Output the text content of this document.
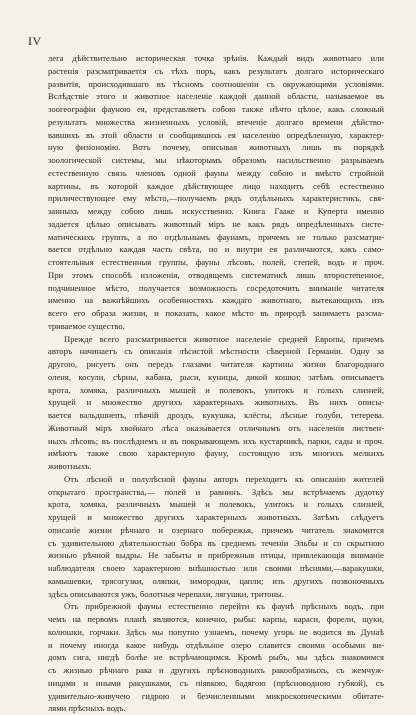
IV
лега дѣйствительно историческая точка зрѣнія. Каждый видъ животнаго или
растенія разсматривается съ тѣхъ поръ, какъ результатъ долгаго историческаго
развитія, происходившаго въ тѣсномъ соотношеніи съ окружающими условіями.
Вслѣдствіе этого и животное населеніе каждой данной области, называемое въ
зоогеографіи фауною ея, представляетъ собою также нѣчто цѣлое, какъ сложный
результатъ множества жизненныхъ условій, втеченіе долгаго времени дѣйство-
вавшихъ въ этой области и сообщившихъ ея населенію опредѣленную, характер-
ную физіономію. Вотъ почему, описывая животныхъ лишь въ порядкѣ
зоологической системы, мы нѣкоторымъ образомъ насильственно разрываемъ
естественную связь членовъ одной фауны между собою и вмѣсто стройной
картины, въ которой каждое дѣйствующее лицо находитъ себѣ естественно
приличествующее ему мѣсто,—получаемъ рядъ отдѣльныхъ характеристикъ, свя-
занныхъ между собою лишь искусственно. Книга Гааке и Куперта именно
задается цѣлью описывать животный міръ не какъ рядъ опредѣленныхъ систе-
матическихъ группъ, а по отдѣльнымъ фаунамъ, причемъ не только разсматри-
вается отдѣльно каждая часть свѣта, но и внутри ея различаются, какъ само-
стоятельныя естественныя группы, фауны лѣсовъ, полей, степей, водъ и проч.
При этомъ способѣ изложенія, отводящемъ систематикѣ лишь второстепенное,
подчиненное мѣсто, получается возможность сосредоточить вниманіе читателя
именно на важнѣйшихъ особенностяхъ каждаго животнаго, вытекающихъ изъ
всего его образа жизни, и показать, какое мѣсто въ природѣ занимаетъ разсма-
триваемое существо.
Прежде всего разсматривается животное населеніе средней Европы, причемъ
авторъ начинаетъ съ описанія лѣсистой мѣстности сѣверной Германіи. Одну за
другою, рисуетъ онъ передъ глазами читателя картины жизни благороднаго
оленя, косули, сѣрны, кабана, рыси, куницы, дикой кошки; затѣмъ описываетъ
крота, хомяка, различныхъ мышей и полевокъ, улитокъ и голыхъ слизней,
хрущей и множество другихъ характерныхъ животныхъ. Въ нихъ описы-
вается вальдшнепъ, пѣвчій дроздъ, кукушка, клёсты, лѣсные голуби, тетерева.
Животный міръ хвойнаго лѣса оказывается отличнымъ отъ населенія листвен-
ныхъ лѣсовъ; въ послѣднемъ и въ покрывающемъ ихъ кустарникѣ, парки, сады и проч.
имѣютъ также свою характерную фауну, состоящую изъ многихъ мелкихъ
животныхъ.
Отъ лѣсной и полулѣсной фауны авторъ переходитъ къ описанію жителей
открытаго пространства,— полей и равнинъ. Здѣсь мы встрѣчаемъ дудотку
крота, хомяка, различныхъ мышей и полевокъ, улитокъ и голыхъ слизней,
хрущей и множество другихъ характерныхъ животныхъ. Затѣмъ слѣдуетъ
описаніе жизни рѣчнаго и озернаго побережья, причемъ читатель знакомится
съ удивительною дѣятельностью бобра въ среднемъ теченіи Эльбы и со скрытною
жизнью рѣчной выдры. Не забыты и прибрежныя птицы, привлекающія вниманіе
наблюдателя своею характерною внѣшностью или своими пѣснями,—варакушки,
камышевки, трясогузки, оляпки, зимородки, цапли; изъ другихъ позвоночныхъ
здѣсь описываются ужъ, болотныя черепахи, лягушки, тритоны.
Отъ прибрежной фауны естественно перейти къ фаунѣ прѣсныхъ водъ, при
чемъ на первомъ планѣ являются, конечно, рыбы: карпы, караси, форели, щуки,
колюшки, горчаки. Здѣсь мы попутно узнаемъ, почему угорь не водится въ Дунаѣ
и почему иногда какое нибудь отдѣльное озеро славится своими особыми ви-
домъ сига, нигдѣ болѣе не встрѣчающимся. Кромѣ рыбъ, мы здѣсь знакомимся
съ жизнью рѣчнаго рака и другихъ прѣсноводныхъ ракообразныхъ, съ жемчуж-
ницами и иными ракушками, съ піявкою, бадягою (прѣсноводною губкой), съ
удивительно-живучею гидрою и безчисленными микроскопическими обитате-
лями прѣсныхъ водъ.
